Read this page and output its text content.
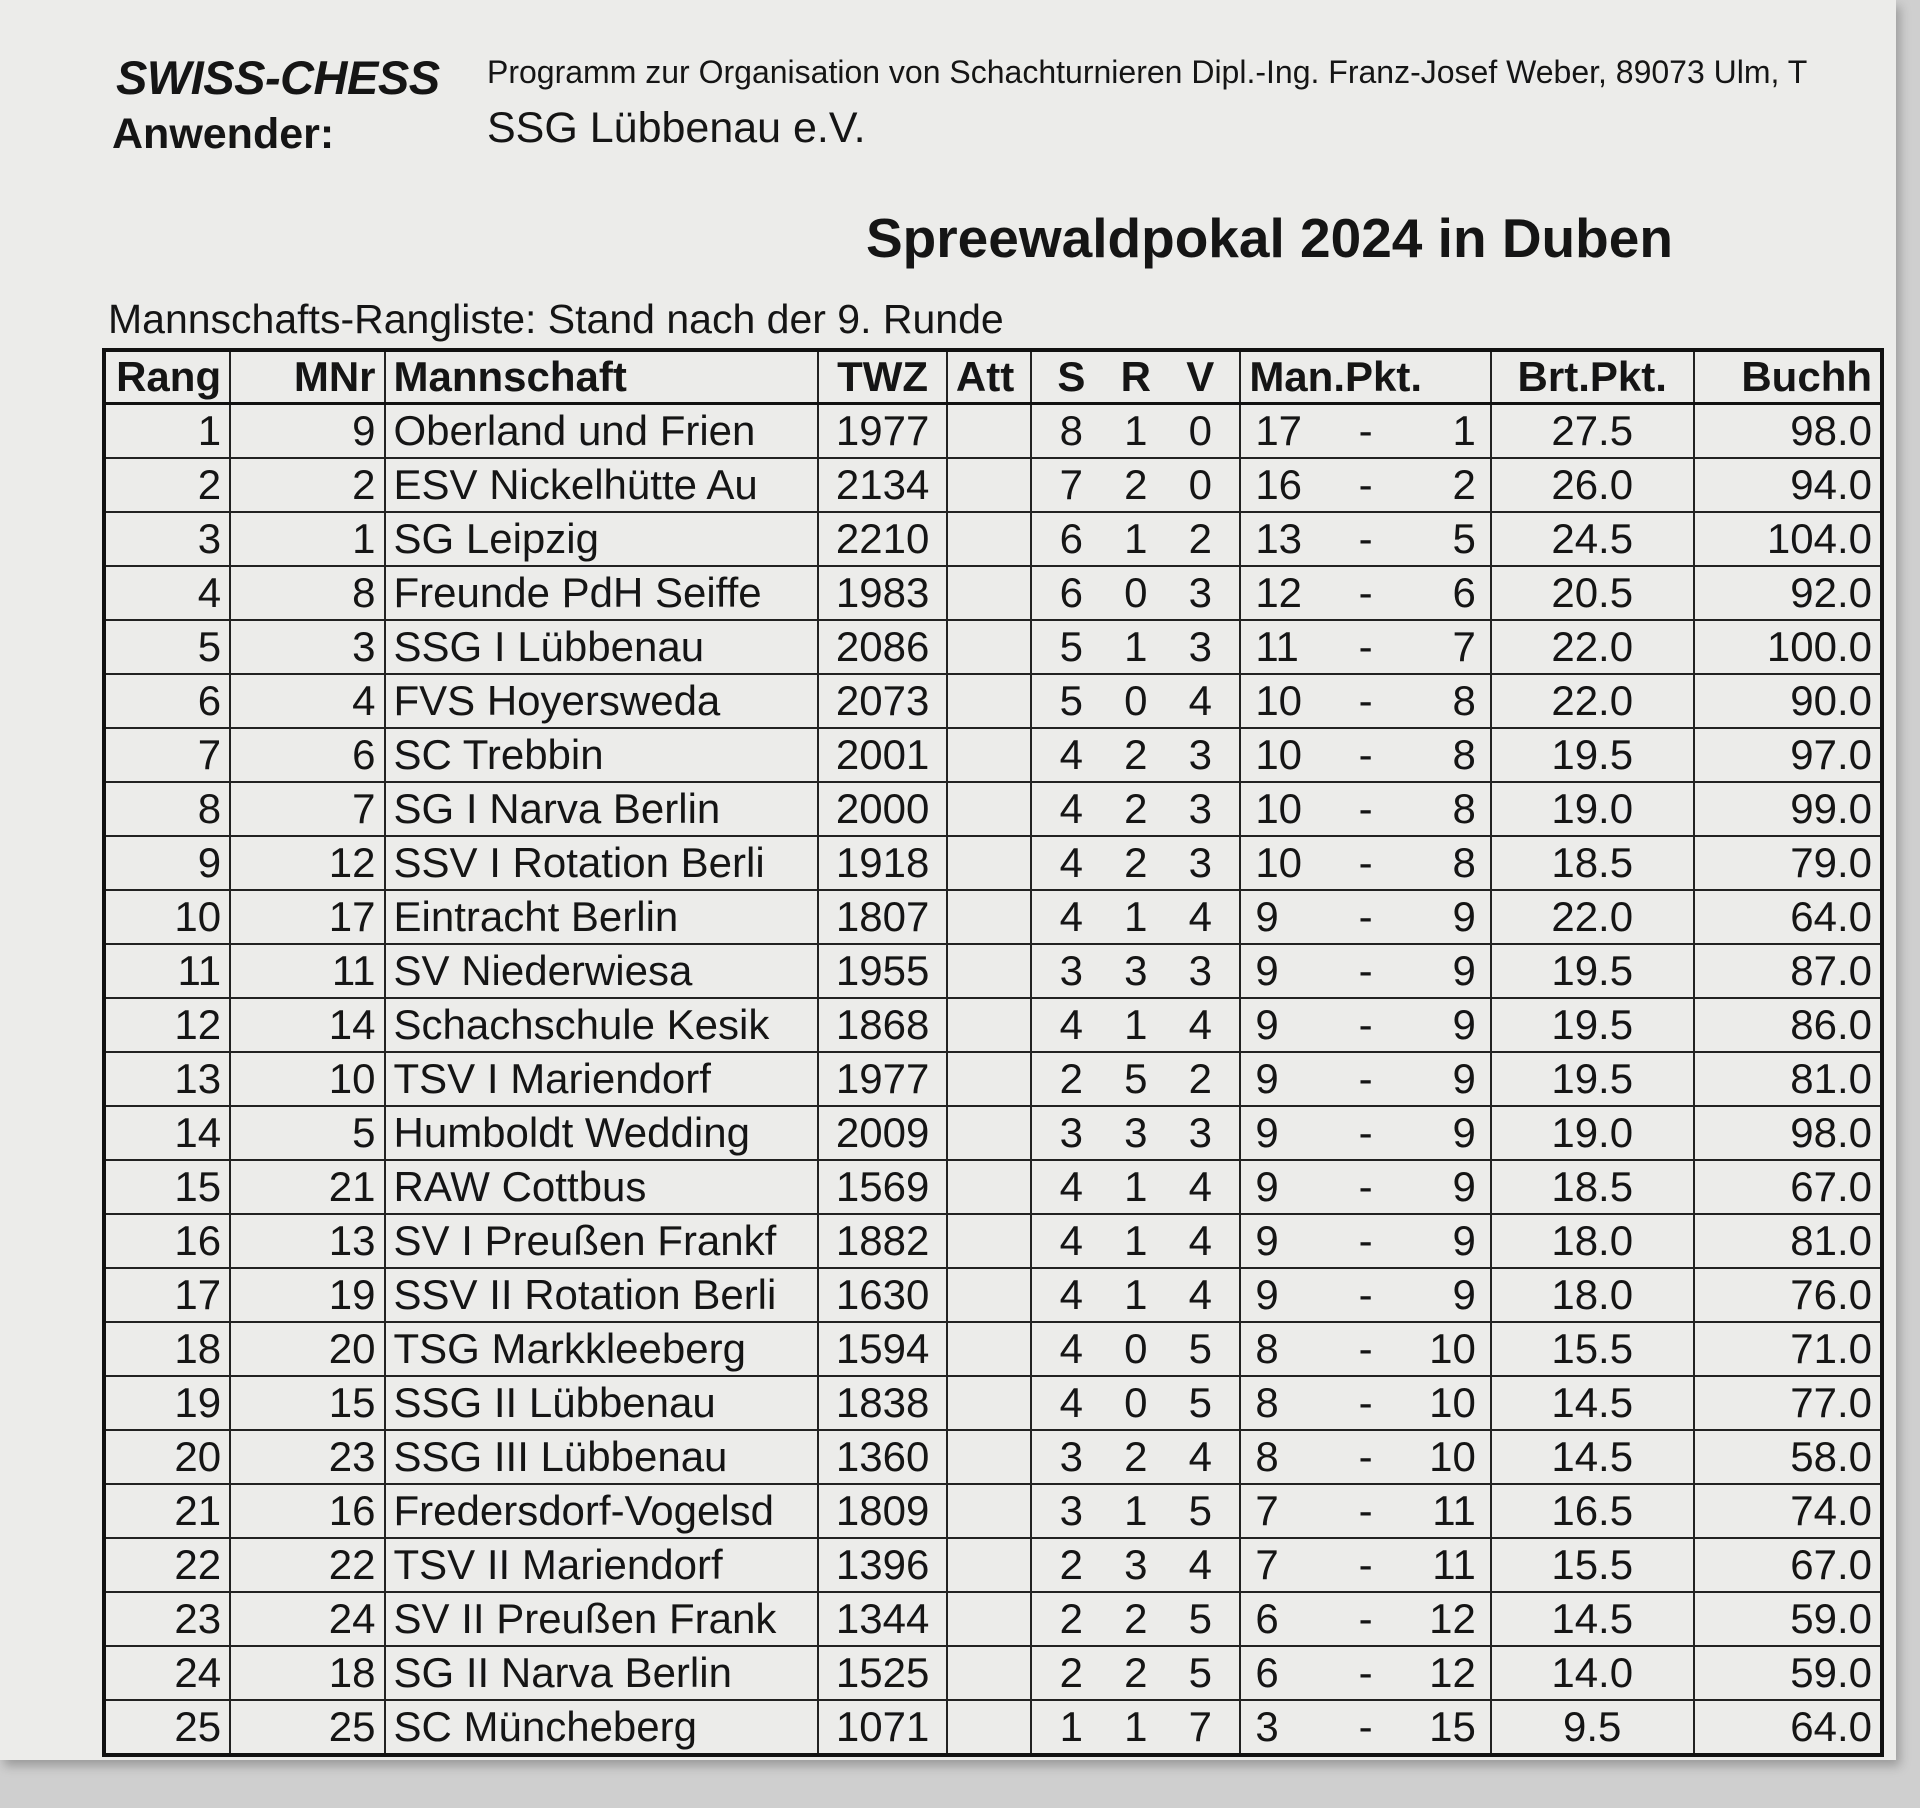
SWISS-CHESS Programm zur Organisation von Schachturnieren Dipl.-Ing. Franz-Josef Weber, 89073 Ulm, T
Anwender:	SSG Lübbenau e.V.
Spreewaldpokal 2024 in Duben
Mannschafts-Rangliste: Stand nach der 9. Runde
Rang	MNr	Mannschaft	TWZ	Att	S R V	Man.Pkt.	Brt.Pkt.	Buchh
1	9	Oberland und Frien	1977		8 1 0	17 - 1	27.5	98.0
2	2	ESV Nickelhütte Au	2134		7 2 0	16 - 2	26.0	94.0
3	1	SG Leipzig	2210		6 1 2	13 - 5	24.5	104.0
4	8	Freunde PdH Seiffe	1983		6 0 3	12 - 6	20.5	92.0
5	3	SSG I Lübbenau	2086		5 1 3	11 - 7	22.0	100.0
6	4	FVS Hoyersweda	2073		5 0 4	10 - 8	22.0	90.0
7	6	SC Trebbin	2001		4 2 3	10 - 8	19.5	97.0
8	7	SG I Narva Berlin	2000		4 2 3	10 - 8	19.0	99.0
9	12	SSV I Rotation Berli	1918		4 2 3	10 - 8	18.5	79.0
10	17	Eintracht Berlin	1807		4 1 4	9 - 9	22.0	64.0
11	11	SV Niederwiesa	1955		3 3 3	9 - 9	19.5	87.0
12	14	Schachschule Kesik	1868		4 1 4	9 - 9	19.5	86.0
13	10	TSV I Mariendorf	1977		2 5 2	9 - 9	19.5	81.0
14	5	Humboldt Wedding	2009		3 3 3	9 - 9	19.0	98.0
15	21	RAW Cottbus	1569		4 1 4	9 - 9	18.5	67.0
16	13	SV I Preußen Frankf	1882		4 1 4	9 - 9	18.0	81.0
17	19	SSV II Rotation Berli	1630		4 1 4	9 - 9	18.0	76.0
18	20	TSG Markkleeberg	1594		4 0 5	8 - 10	15.5	71.0
19	15	SSG II Lübbenau	1838		4 0 5	8 - 10	14.5	77.0
20	23	SSG III Lübbenau	1360		3 2 4	8 - 10	14.5	58.0
21	16	Fredersdorf-Vogelsd	1809		3 1 5	7 - 11	16.5	74.0
22	22	TSV II Mariendorf	1396		2 3 4	7 - 11	15.5	67.0
23	24	SV II Preußen Frank	1344		2 2 5	6 - 12	14.5	59.0
24	18	SG II Narva Berlin	1525		2 2 5	6 - 12	14.0	59.0
25	25	SC Müncheberg	1071		1 1 7	3 - 15	9.5	64.0
